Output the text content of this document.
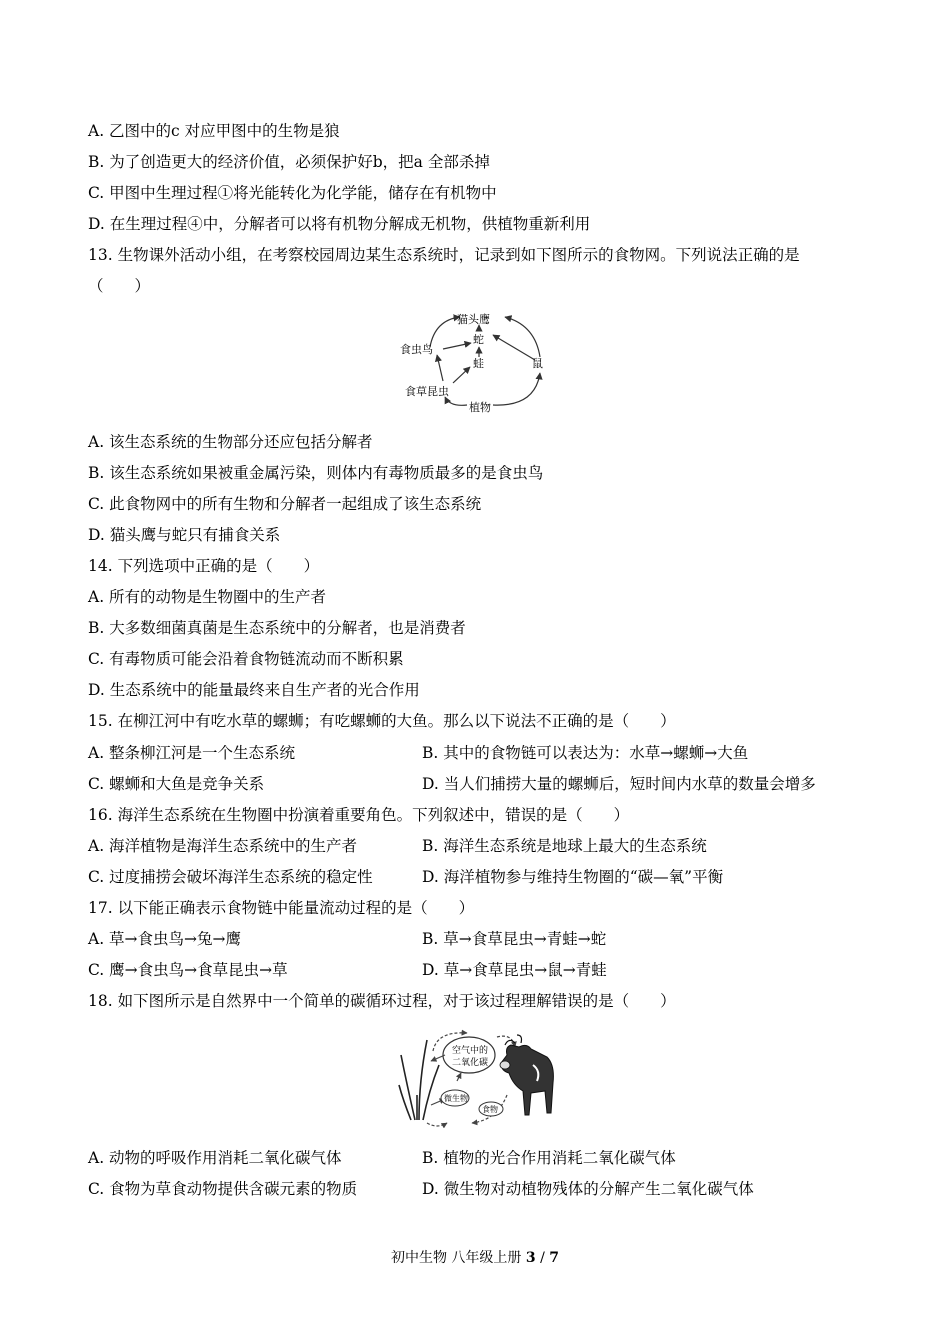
A. 乙图中的c 对应甲图中的生物是狼
B. 为了创造更大的经济价值，必须保护好b，把a 全部杀掉
C. 甲图中生理过程①将光能转化为化学能，储存在有机物中
D. 在生理过程④中，分解者可以将有机物分解成无机物，供植物重新利用
13. 生物课外活动小组，在考察校园周边某生态系统时，记录到如下图所示的食物网。下列说法正确的是
（　　）
猫头鹰
蛇
食虫鸟
蛙	鼠
食草昆虫
植物
A. 该生态系统的生物部分还应包括分解者
B. 该生态系统如果被重金属污染，则体内有毒物质最多的是食虫鸟
C. 此食物网中的所有生物和分解者一起组成了该生态系统
D. 猫头鹰与蛇只有捕食关系
14. 下列选项中正确的是（　　）
A. 所有的动物是生物圈中的生产者
B. 大多数细菌真菌是生态系统中的分解者，也是消费者
C. 有毒物质可能会沿着食物链流动而不断积累
D. 生态系统中的能量最终来自生产者的光合作用
15. 在柳江河中有吃水草的螺蛳；有吃螺蛳的大鱼。那么以下说法不正确的是（　　）
A. 整条柳江河是一个生态系统	B. 其中的食物链可以表达为：水草→螺蛳→大鱼
C. 螺蛳和大鱼是竞争关系	D. 当人们捕捞大量的螺蛳后，短时间内水草的数量会增多
16. 海洋生态系统在生物圈中扮演着重要角色。下列叙述中，错误的是（　　）
A. 海洋植物是海洋生态系统中的生产者	B. 海洋生态系统是地球上最大的生态系统
C. 过度捕捞会破坏海洋生态系统的稳定性	D. 海洋植物参与维持生物圈的“碳—氧”平衡
17. 以下能正确表示食物链中能量流动过程的是（　　）
A. 草→食虫鸟→兔→鹰	B. 草→食草昆虫→青蛙→蛇
C. 鹰→食虫鸟→食草昆虫→草	D. 草→食草昆虫→鼠→青蛙
18. 如下图所示是自然界中一个简单的碳循环过程，对于该过程理解错误的是（　　）
空气中的
二氧化碳
微生物
食物
A. 动物的呼吸作用消耗二氧化碳气体	B. 植物的光合作用消耗二氧化碳气体
C. 食物为草食动物提供含碳元素的物质	D. 微生物对动植物残体的分解产生二氧化碳气体
初中生物 八年级上册 3 / 7
